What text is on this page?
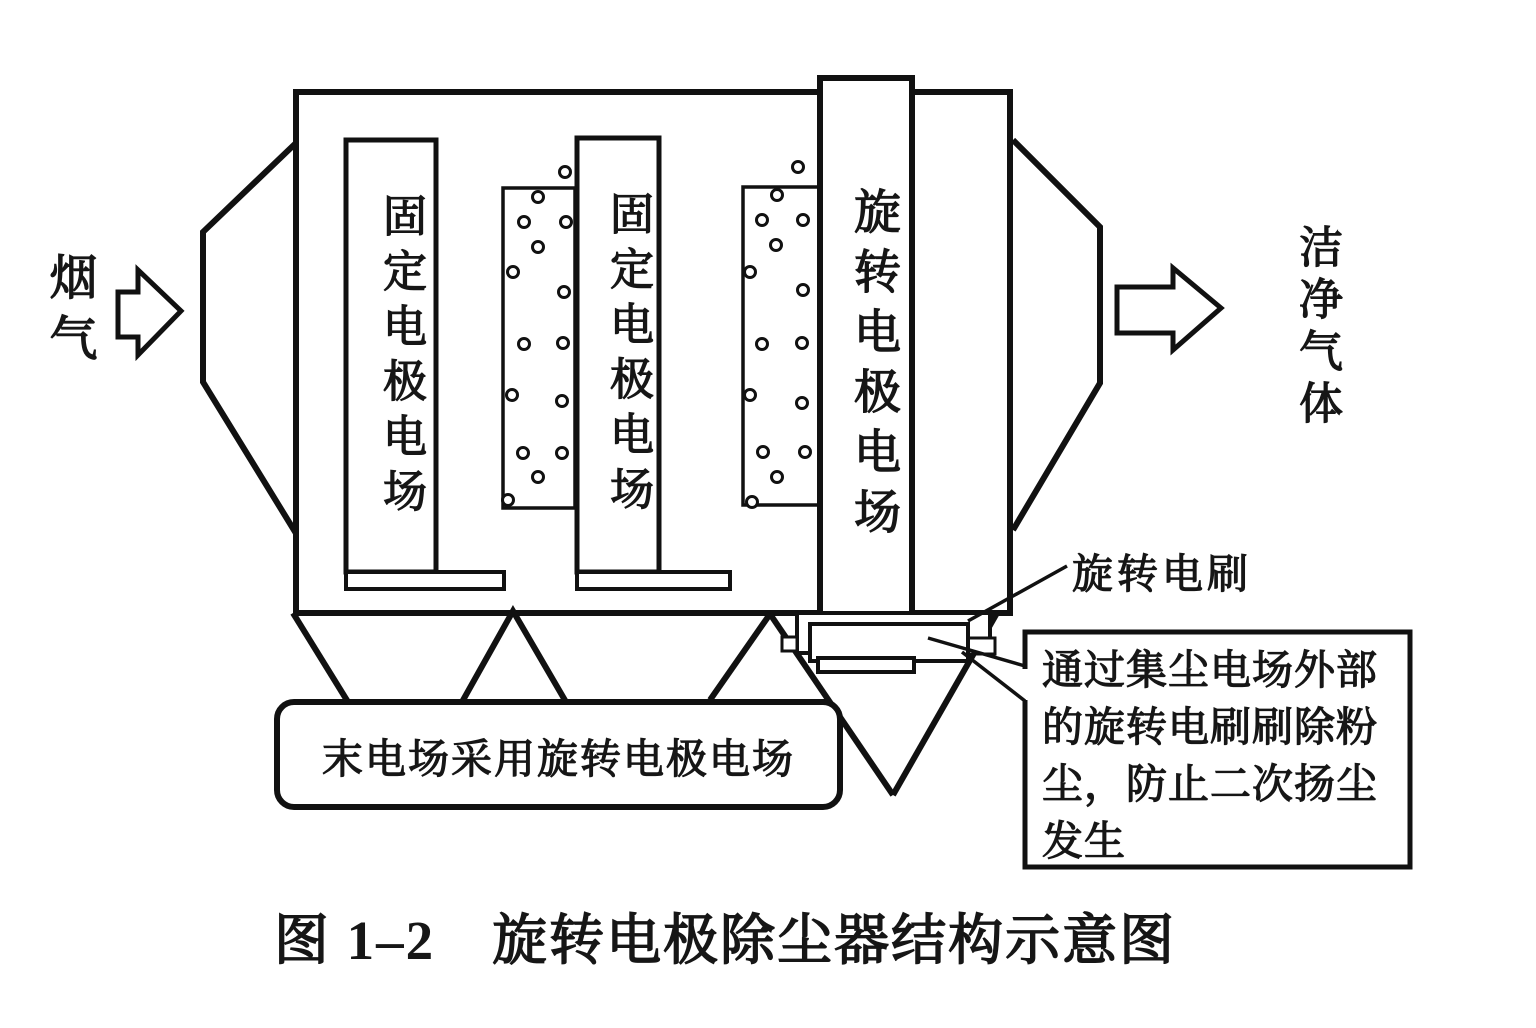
烟气	洁净气体
固定电极电场	固定电极电场	旋转电极电场
旋转电刷
末电场采用旋转电极电场
通过集尘电场外部的旋转电刷刷除粉尘，防止二次扬尘发生
图 1–2　旋转电极除尘器结构示意图
